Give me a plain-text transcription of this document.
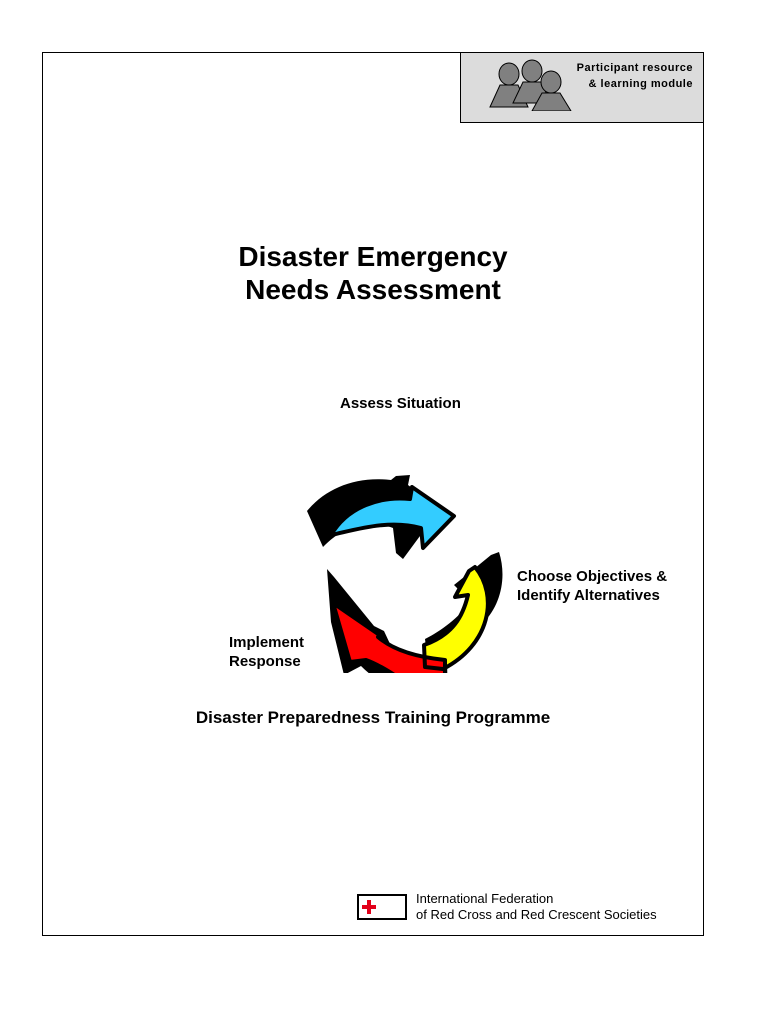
Participant resource
& learning module
Disaster Emergency
Needs Assessment
Assess Situation
Choose Objectives &
Identify Alternatives
Implement
Response
Disaster Preparedness Training Programme
International Federation
of Red Cross and Red Crescent Societies
